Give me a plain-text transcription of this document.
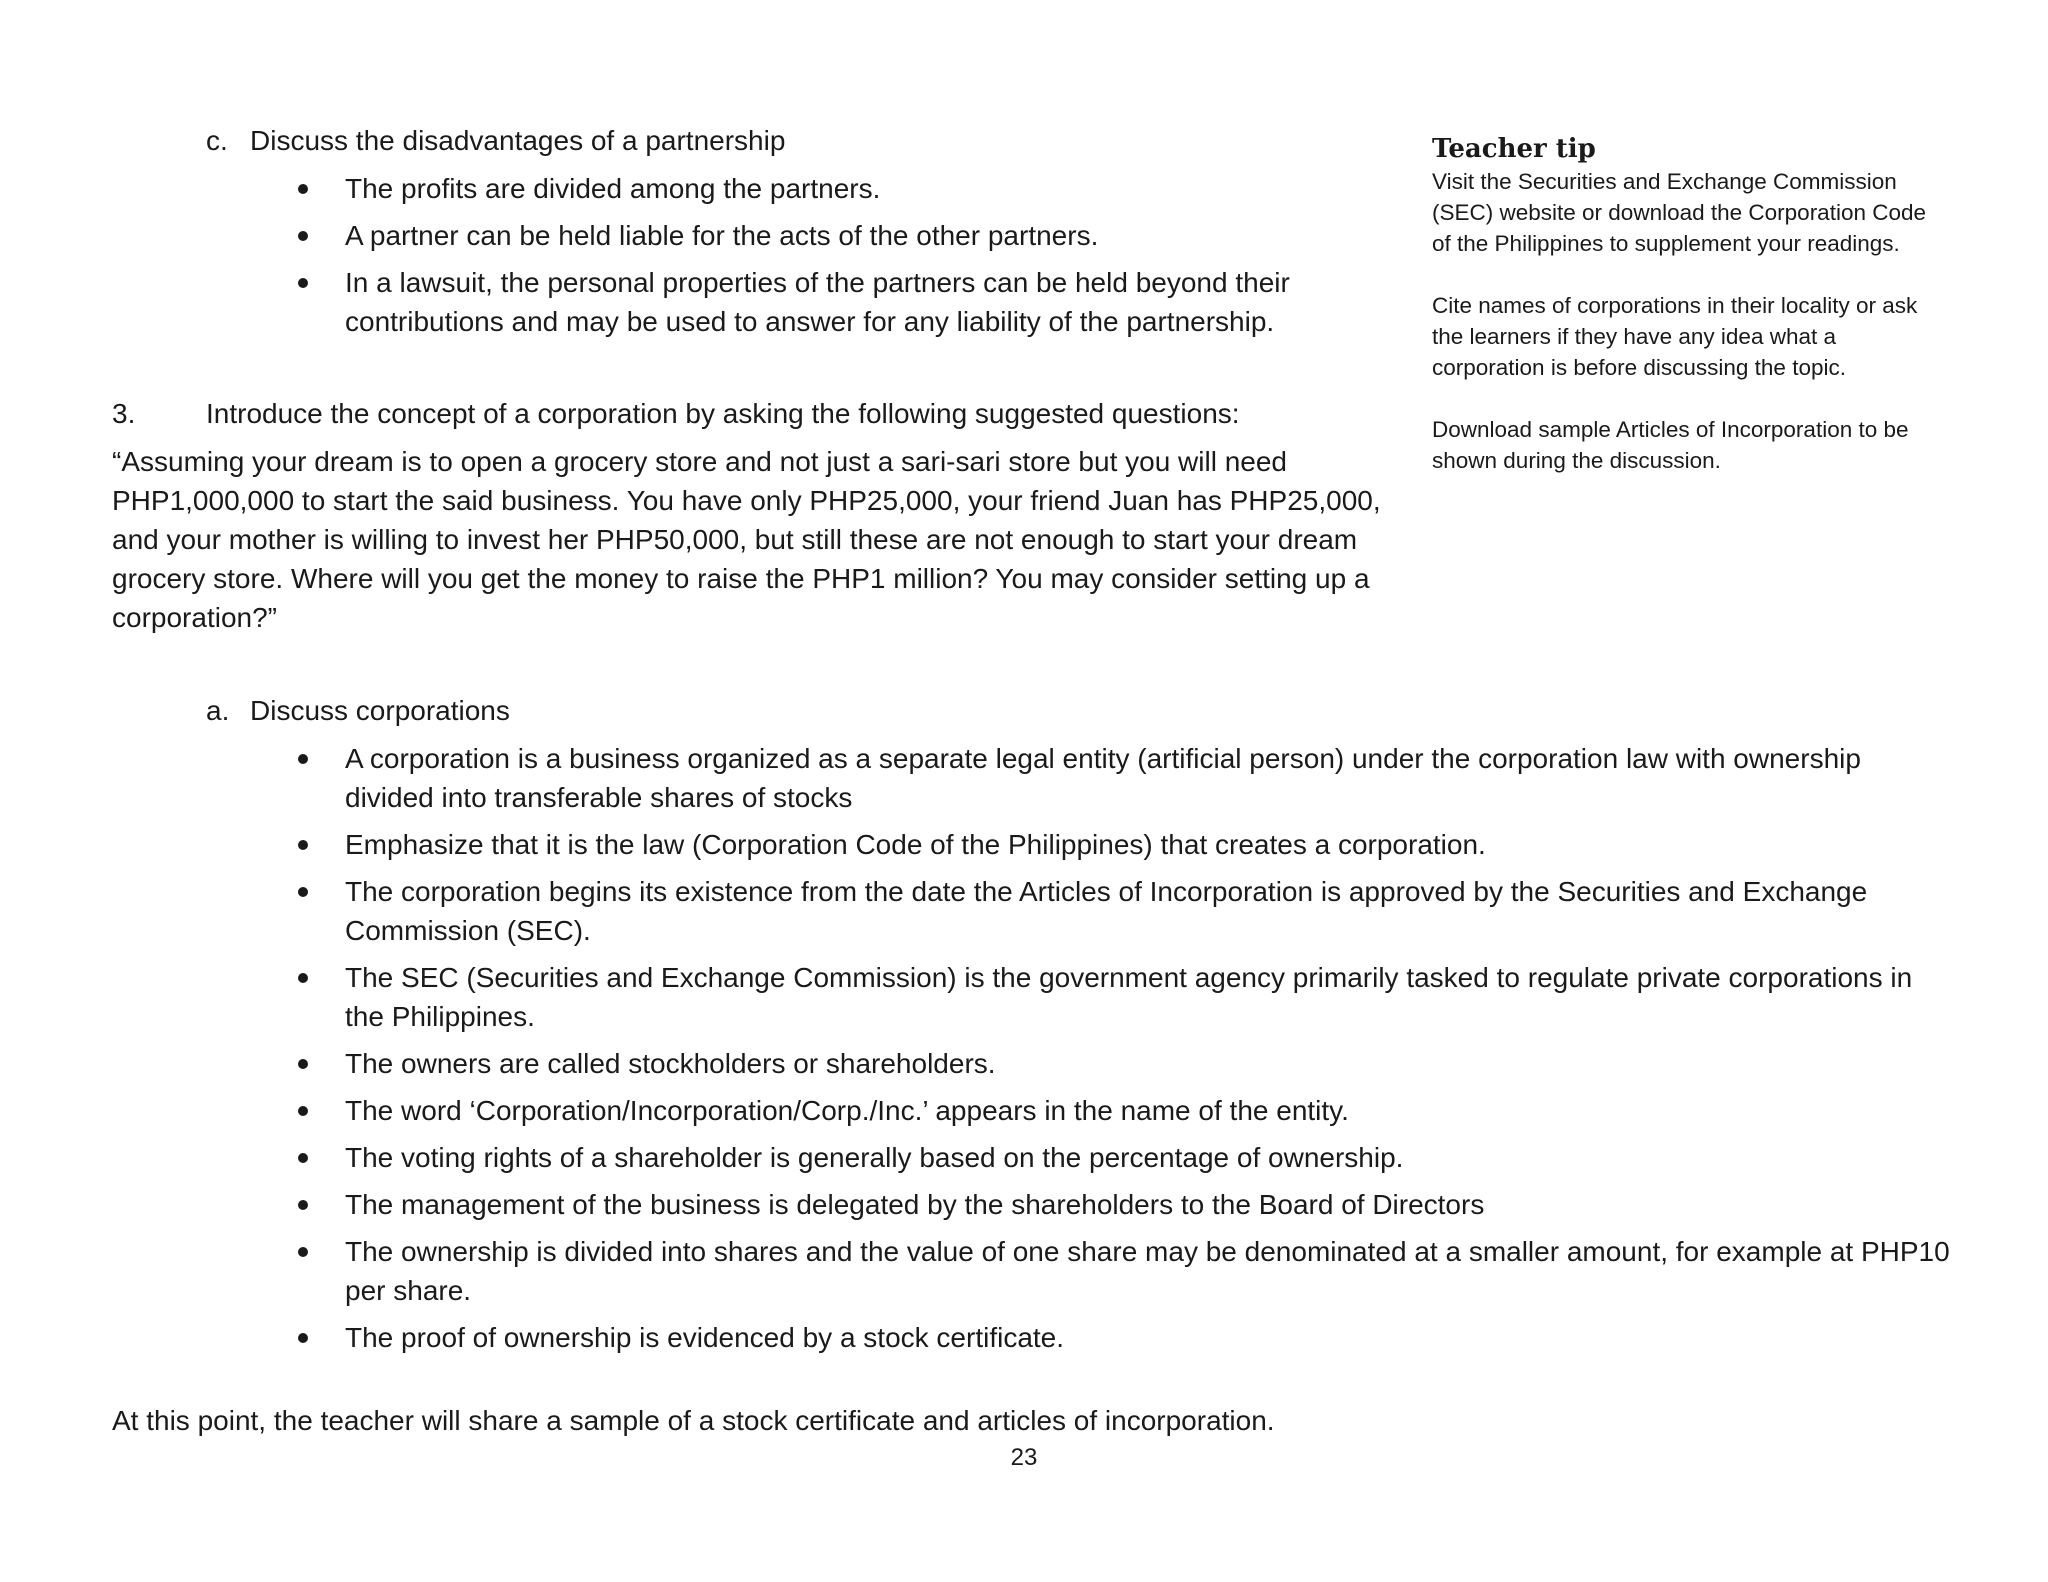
c. Discuss the disadvantages of a partnership
The profits are divided among the partners.
A partner can be held liable for the acts of the other partners.
In a lawsuit, the personal properties of the partners can be held beyond their contributions and may be used to answer for any liability of the partnership.
3.	Introduce the concept of a corporation by asking the following suggested questions:
“Assuming your dream is to open a grocery store and not just a sari-sari store but you will need PHP1,000,000 to start the said business. You have only PHP25,000, your friend Juan has PHP25,000, and your mother is willing to invest her PHP50,000, but still these are not enough to start your dream grocery store. Where will you get the money to raise the PHP1 million? You may consider setting up a corporation?”
a. Discuss corporations
A corporation is a business organized as a separate legal entity (artificial person) under the corporation law with ownership divided into transferable shares of stocks
Emphasize that it is the law (Corporation Code of the Philippines) that creates a corporation.
The corporation begins its existence from the date the Articles of Incorporation is approved by the Securities and Exchange Commission (SEC).
The SEC (Securities and Exchange Commission) is the government agency primarily tasked to regulate private corporations in the Philippines.
The owners are called stockholders or shareholders.
The word ‘Corporation/Incorporation/Corp./Inc.’ appears in the name of the entity.
The voting rights of a shareholder is generally based on the percentage of ownership.
The management of the business is delegated by the shareholders to the Board of Directors
The ownership is divided into shares and the value of one share may be denominated at a smaller amount, for example at PHP10 per share.
The proof of ownership is evidenced by a stock certificate.
At this point, the teacher will share a sample of a stock certificate and articles of incorporation.
Teacher tip

Visit the Securities and Exchange Commission (SEC) website or download the Corporation Code of the Philippines to supplement your readings.

Cite names of corporations in their locality or ask the learners if they have any idea what a corporation is before discussing the topic.

Download sample Articles of Incorporation to be shown during the discussion.

23
